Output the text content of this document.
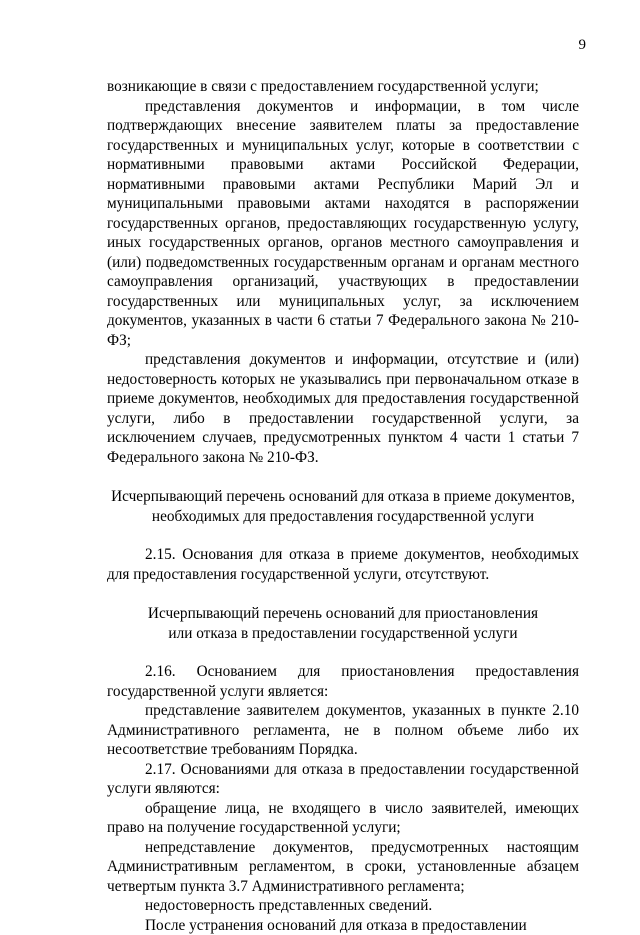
9

возникающие в связи с предоставлением государственной услуги;

представления документов и информации, в том числе подтверждающих внесение заявителем платы за предоставление государственных и муниципальных услуг, которые в соответствии с нормативными правовыми актами Российской Федерации, нормативными правовыми актами Республики Марий Эл и муниципальными правовыми актами находятся в распоряжении государственных органов, предоставляющих государственную услугу, иных государственных органов, органов местного самоуправления и (или) подведомственных государственным органам и органам местного самоуправления организаций, участвующих в предоставлении государственных или муниципальных услуг, за исключением документов, указанных в части 6 статьи 7 Федерального закона № 210-ФЗ;

представления документов и информации, отсутствие и (или) недостоверность которых не указывались при первоначальном отказе в приеме документов, необходимых для предоставления государственной услуги, либо в предоставлении государственной услуги, за исключением случаев, предусмотренных пунктом 4 части 1 статьи 7 Федерального закона № 210-ФЗ.

Исчерпывающий перечень оснований для отказа в приеме документов,

необходимых для предоставления государственной услуги

2.15. Основания для отказа в приеме документов, необходимых для предоставления государственной услуги, отсутствуют.

Исчерпывающий перечень оснований для приостановления

или отказа в предоставлении государственной услуги

2.16. Основанием для приостановления предоставления государственной услуги является:

представление заявителем документов, указанных в пункте 2.10 Административного регламента, не в полном объеме либо их несоответствие требованиям Порядка.

2.17. Основаниями для отказа в предоставлении государственной услуги являются:

обращение лица, не входящего в число заявителей, имеющих право на получение государственной услуги;

непредставление документов, предусмотренных настоящим Административным регламентом, в сроки, установленные абзацем четвертым пункта 3.7 Административного регламента;

недостоверность представленных сведений.

После устранения оснований для отказа в предоставлении
